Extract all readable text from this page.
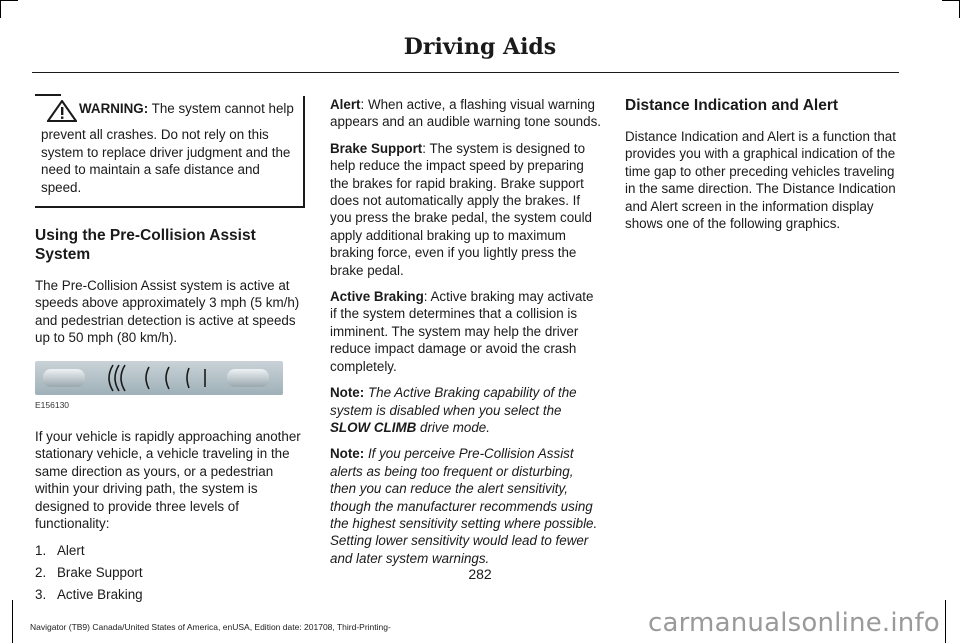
Driving Aids

WARNING: The system cannot help prevent all crashes. Do not rely on this system to replace driver judgment and the need to maintain a safe distance and speed.

Using the Pre-Collision Assist System

The Pre-Collision Assist system is active at speeds above approximately 3 mph (5 km/h) and pedestrian detection is active at speeds up to 50 mph (80 km/h).

E156130

If your vehicle is rapidly approaching another stationary vehicle, a vehicle traveling in the same direction as yours, or a pedestrian within your driving path, the system is designed to provide three levels of functionality:

1. Alert
2. Brake Support
3. Active Braking

Alert: When active, a flashing visual warning appears and an audible warning tone sounds.

Brake Support: The system is designed to help reduce the impact speed by preparing the brakes for rapid braking. Brake support does not automatically apply the brakes. If you press the brake pedal, the system could apply additional braking up to maximum braking force, even if you lightly press the brake pedal.

Active Braking: Active braking may activate if the system determines that a collision is imminent. The system may help the driver reduce impact damage or avoid the crash completely.

Note: The Active Braking capability of the system is disabled when you select the SLOW CLIMB drive mode.

Note: If you perceive Pre-Collision Assist alerts as being too frequent or disturbing, then you can reduce the alert sensitivity, though the manufacturer recommends using the highest sensitivity setting where possible. Setting lower sensitivity would lead to fewer and later system warnings.

Distance Indication and Alert

Distance Indication and Alert is a function that provides you with a graphical indication of the time gap to other preceding vehicles traveling in the same direction. The Distance Indication and Alert screen in the information display shows one of the following graphics.

282
Navigator (TB9) Canada/United States of America, enUSA, Edition date: 201708, Third-Printing-	carmanualsonline.info
